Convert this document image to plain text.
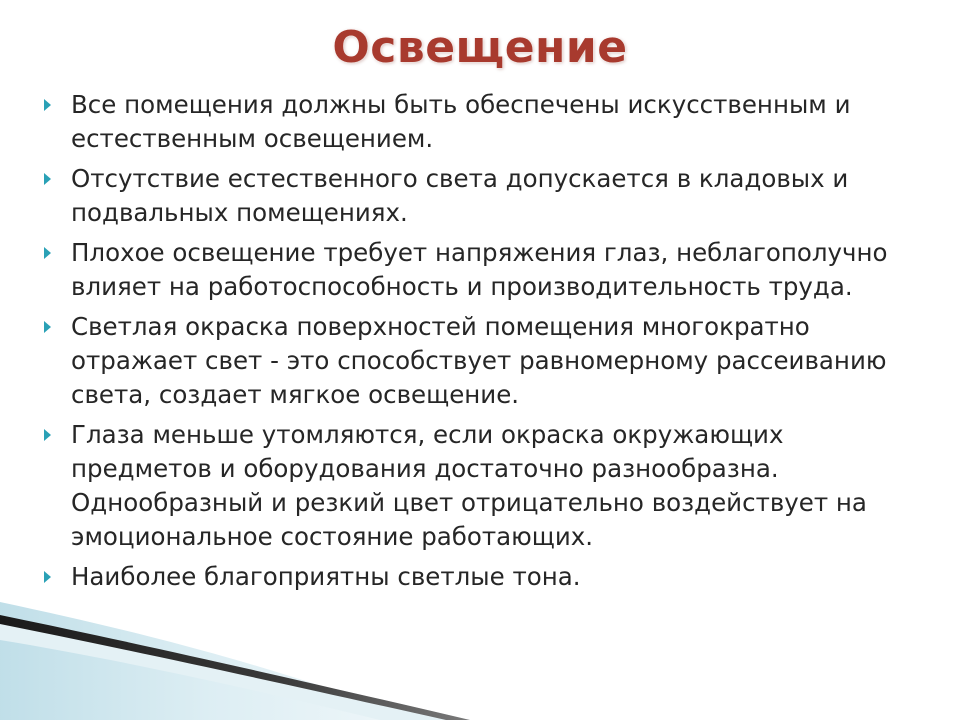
Освещение
Все помещения должны быть обеспечены искусственным и естественным освещением.
Отсутствие естественного света допускается в кладовых и подвальных помещениях.
Плохое освещение требует напряжения глаз, неблагополучно влияет на работоспособность и производительность труда.
Светлая окраска поверхностей помещения многократно отражает свет - это способствует равномерному рассеиванию света, создает мягкое освещение.
Глаза меньше утомляются, если окраска окружающих предметов и оборудования достаточно разнообразна. Однообразный и резкий цвет отрицательно воздействует на эмоциональное состояние работающих.
Наиболее благоприятны светлые тона.
